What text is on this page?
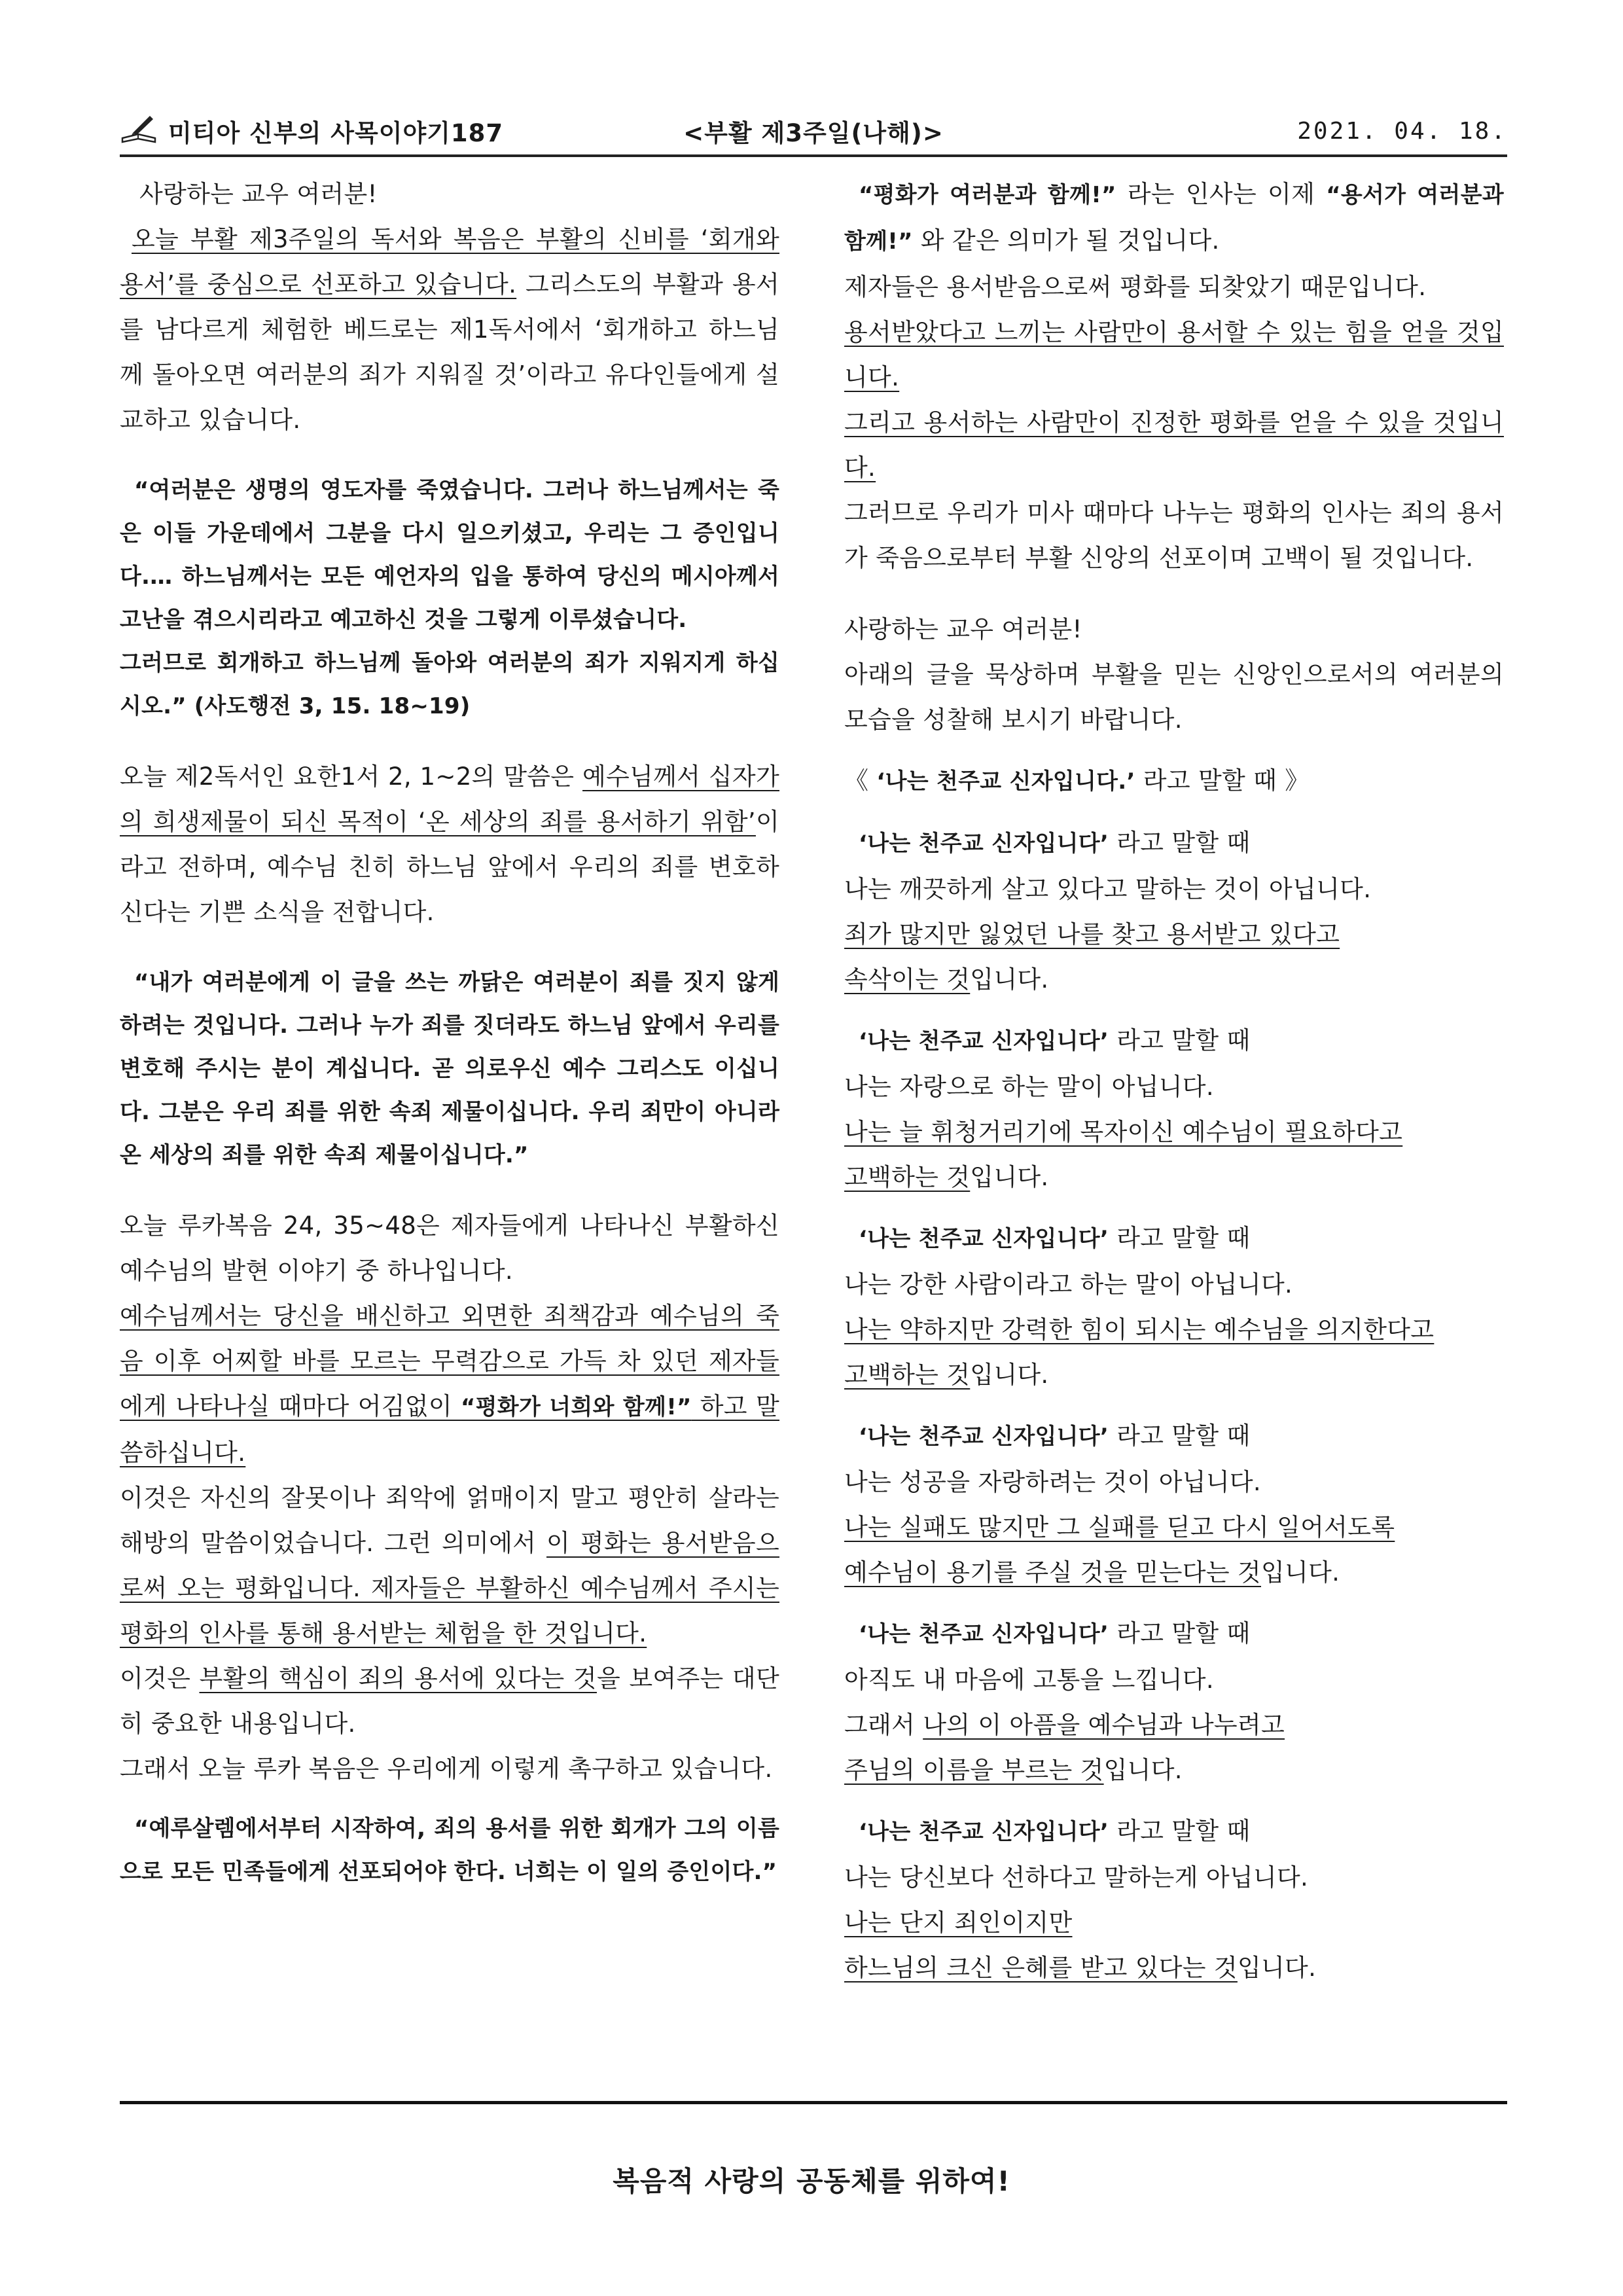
미티아 신부의 사목이야기187	<부활 제3주일(나해)>	2021. 04. 18.

사랑하는 교우 여러분!

오늘 부활 제3주일의 독서와 복음은 부활의 신비를 ‘회개와 용서’를 중심으로 선포하고 있습니다. 그리스도의 부활과 용서를 남다르게 체험한 베드로는 제1독서에서 ‘회개하고 하느님께 돌아오면 여러분의 죄가 지워질 것’이라고 유다인들에게 설교하고 있습니다.

“여러분은 생명의 영도자를 죽였습니다. 그러나 하느님께서는 죽은 이들 가운데에서 그분을 다시 일으키셨고, 우리는 그 증인입니다.… 하느님께서는 모든 예언자의 입을 통하여 당신의 메시아께서 고난을 겪으시리라고 예고하신 것을 그렇게 이루셨습니다.

그러므로 회개하고 하느님께 돌아와 여러분의 죄가 지워지게 하십시오.” (사도행전 3, 15. 18~19)

오늘 제2독서인 요한1서 2, 1~2의 말씀은 예수님께서 십자가의 희생제물이 되신 목적이 ‘온 세상의 죄를 용서하기 위함’이라고 전하며, 예수님 친히 하느님 앞에서 우리의 죄를 변호하신다는 기쁜 소식을 전합니다.

“내가 여러분에게 이 글을 쓰는 까닭은 여러분이 죄를 짓지 않게 하려는 것입니다. 그러나 누가 죄를 짓더라도 하느님 앞에서 우리를 변호해 주시는 분이 계십니다. 곧 의로우신 예수 그리스도 이십니다. 그분은 우리 죄를 위한 속죄 제물이십니다. 우리 죄만이 아니라 온 세상의 죄를 위한 속죄 제물이십니다.”

오늘 루카복음 24, 35~48은 제자들에게 나타나신 부활하신 예수님의 발현 이야기 중 하나입니다.

예수님께서는 당신을 배신하고 외면한 죄책감과 예수님의 죽음 이후 어찌할 바를 모르는 무력감으로 가득 차 있던 제자들에게 나타나실 때마다 어김없이 “평화가 너희와 함께!” 하고 말씀하십니다.

이것은 자신의 잘못이나 죄악에 얽매이지 말고 평안히 살라는 해방의 말씀이었습니다. 그런 의미에서 이 평화는 용서받음으로써 오는 평화입니다. 제자들은 부활하신 예수님께서 주시는 평화의 인사를 통해 용서받는 체험을 한 것입니다.

이것은 부활의 핵심이 죄의 용서에 있다는 것을 보여주는 대단히 중요한 내용입니다.

그래서 오늘 루카 복음은 우리에게 이렇게 촉구하고 있습니다.

“예루살렘에서부터 시작하여, 죄의 용서를 위한 회개가 그의 이름으로 모든 민족들에게 선포되어야 한다. 너희는 이 일의 증인이다.”

“평화가 여러분과 함께!” 라는 인사는 이제 “용서가 여러분과 함께!” 와 같은 의미가 될 것입니다.

제자들은 용서받음으로써 평화를 되찾았기 때문입니다.

용서받았다고 느끼는 사람만이 용서할 수 있는 힘을 얻을 것입니다.

그리고 용서하는 사람만이 진정한 평화를 얻을 수 있을 것입니다.

그러므로 우리가 미사 때마다 나누는 평화의 인사는 죄의 용서가 죽음으로부터 부활 신앙의 선포이며 고백이 될 것입니다.

사랑하는 교우 여러분!

아래의 글을 묵상하며 부활을 믿는 신앙인으로서의 여러분의 모습을 성찰해 보시기 바랍니다.

《 ‘나는 천주교 신자입니다.’ 라고 말할 때 》

‘나는 천주교 신자입니다’ 라고 말할 때

나는 깨끗하게 살고 있다고 말하는 것이 아닙니다.

죄가 많지만 잃었던 나를 찾고 용서받고 있다고

속삭이는 것입니다.

‘나는 천주교 신자입니다’ 라고 말할 때

나는 자랑으로 하는 말이 아닙니다.

나는 늘 휘청거리기에 목자이신 예수님이 필요하다고

고백하는 것입니다.

‘나는 천주교 신자입니다’ 라고 말할 때

나는 강한 사람이라고 하는 말이 아닙니다.

나는 약하지만 강력한 힘이 되시는 예수님을 의지한다고

고백하는 것입니다.

‘나는 천주교 신자입니다’ 라고 말할 때

나는 성공을 자랑하려는 것이 아닙니다.

나는 실패도 많지만 그 실패를 딛고 다시 일어서도록

예수님이 용기를 주실 것을 믿는다는 것입니다.

‘나는 천주교 신자입니다’ 라고 말할 때

아직도 내 마음에 고통을 느낍니다.

그래서 나의 이 아픔을 예수님과 나누려고

주님의 이름을 부르는 것입니다.

‘나는 천주교 신자입니다’ 라고 말할 때

나는 당신보다 선하다고 말하는게 아닙니다.

나는 단지 죄인이지만

하느님의 크신 은혜를 받고 있다는 것입니다.

복음적 사랑의 공동체를 위하여!
